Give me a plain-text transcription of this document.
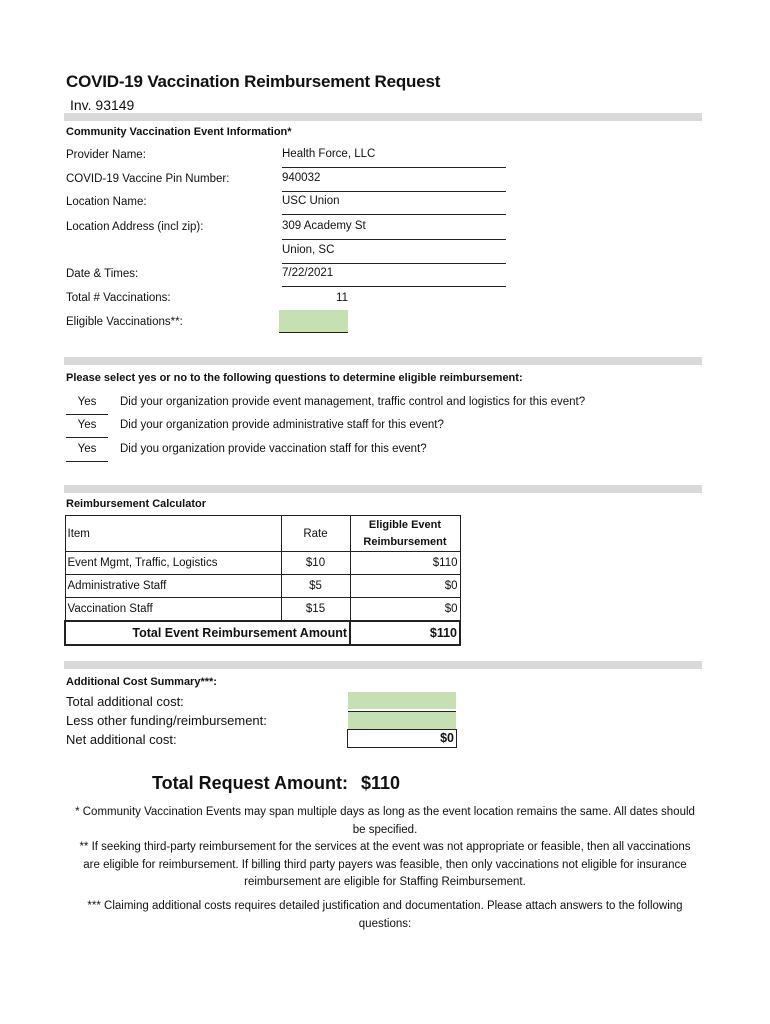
COVID-19 Vaccination Reimbursement Request
Inv. 93149
Community Vaccination Event Information*
Provider Name:	Health Force, LLC
COVID-19 Vaccine Pin Number:	940032
Location Name:	USC Union
Location Address (incl zip):	309 Academy St
Union, SC
Date & Times:	7/22/2021
Total # Vaccinations:	11
Eligible Vaccinations**:
Please select yes or no to the following questions to determine eligible reimbursement:
Yes	Did your organization provide event management, traffic control and logistics for this event?
Yes	Did your organization provide administrative staff for this event?
Yes	Did you organization provide vaccination staff for this event?
Reimbursement Calculator
Item	Rate	Eligible Event
Reimbursement

Event Mgmt, Traffic, Logistics	$10	$110
Administrative Staff	$5	$0
Vaccination Staff	$15	$0
Total Event Reimbursement Amount		$110
Additional Cost Summary***:
Total additional cost:
Less other funding/reimbursement:
Net additional cost:	$0
Total Request Amount: $110
* Community Vaccination Events may span multiple days as long as the event location remains the same. All dates should be specified.
** If seeking third-party reimbursement for the services at the event was not appropriate or feasible, then all vaccinations are eligible for reimbursement. If billing third party payers was feasible, then only vaccinations not eligible for insurance reimbursement are eligible for Staffing Reimbursement.
*** Claiming additional costs requires detailed justification and documentation. Please attach answers to the following questions:
